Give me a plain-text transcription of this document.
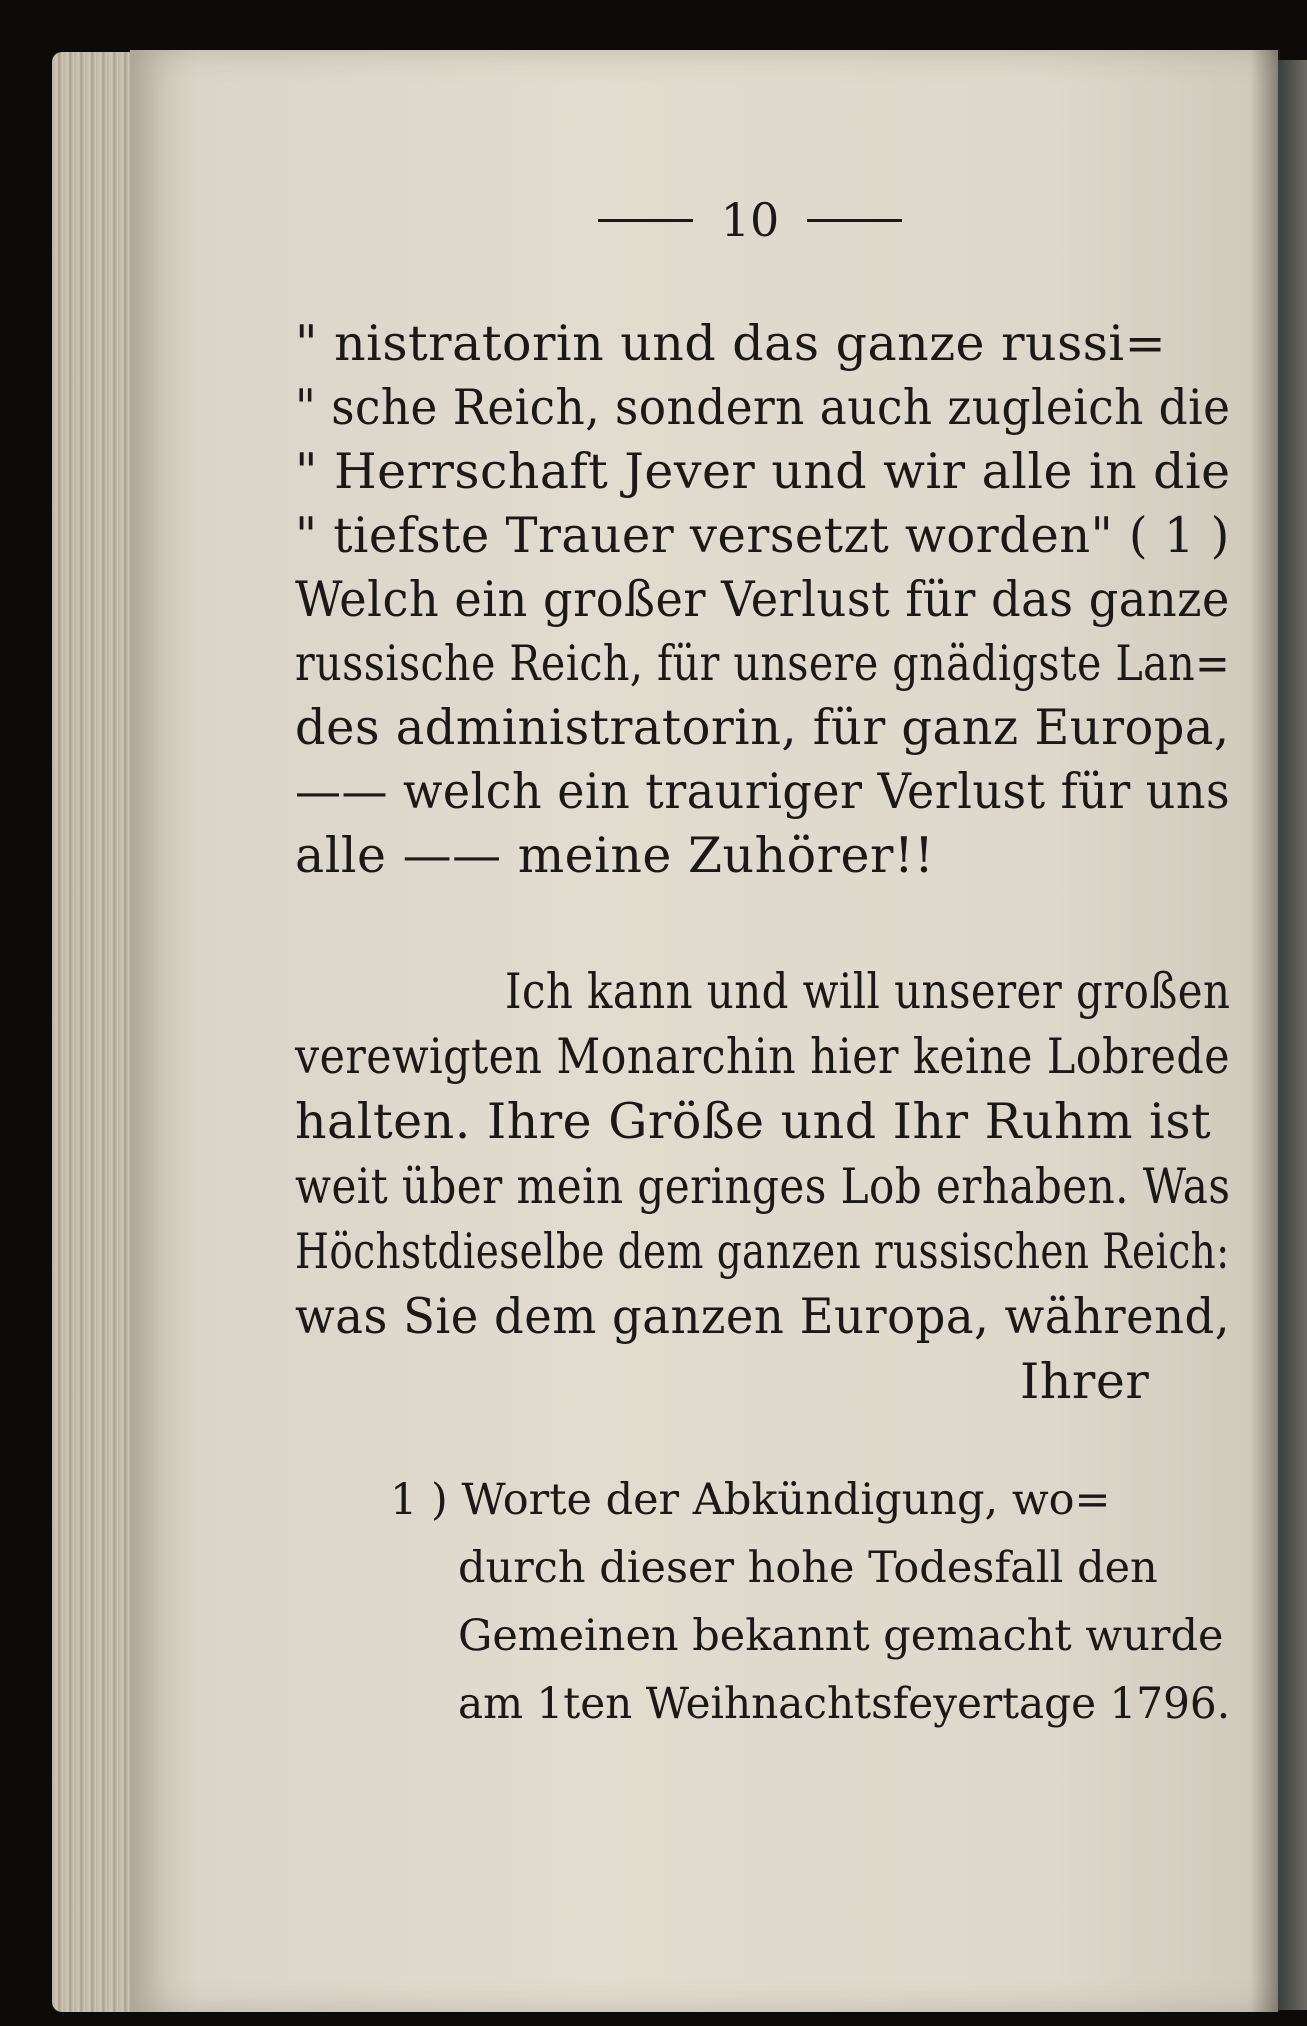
10
" nistratorin und das ganze russi=
" sche Reich, sondern auch zugleich die
" Herrschaft Jever und wir alle in die
" tiefste Trauer versetzt worden" ( 1 )
Welch ein großer Verlust für das ganze
russische Reich, für unsere gnädigste Lan=
des administratorin, für ganz Europa,
—— welch ein trauriger Verlust für uns
alle —— meine Zuhörer!!
Ich kann und will unserer großen
verewigten Monarchin hier keine Lobrede
halten. Ihre Größe und Ihr Ruhm ist
weit über mein geringes Lob erhaben. Was
Höchstdieselbe dem ganzen russischen Reich:
was Sie dem ganzen Europa, während,
Ihrer
1 ) Worte der Abkündigung, wo=
durch dieser hohe Todesfall den
Gemeinen bekannt gemacht wurde
am 1ten Weihnachtsfeyertage 1796.
